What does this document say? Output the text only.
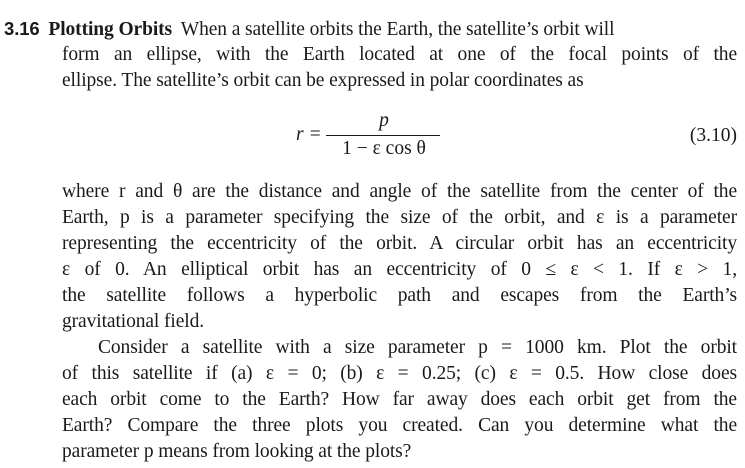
3.16 Plotting Orbits When a satellite orbits the Earth, the satellite’s orbit will
form an ellipse, with the Earth located at one of the focal points of the
ellipse. The satellite’s orbit can be expressed in polar coordinates as
r =
p
1 − ε cos θ
(3.10)
where r and θ are the distance and angle of the satellite from the center of the
Earth, p is a parameter specifying the size of the orbit, and ε is a parameter
representing the eccentricity of the orbit. A circular orbit has an eccentricity
ε of 0. An elliptical orbit has an eccentricity of 0 ≤ ε < 1. If ε > 1,
the satellite follows a hyperbolic path and escapes from the Earth’s
gravitational field.
Consider a satellite with a size parameter p = 1000 km. Plot the orbit
of this satellite if (a) ε = 0; (b) ε = 0.25; (c) ε = 0.5. How close does
each orbit come to the Earth? How far away does each orbit get from the
Earth? Compare the three plots you created. Can you determine what the
parameter p means from looking at the plots?
